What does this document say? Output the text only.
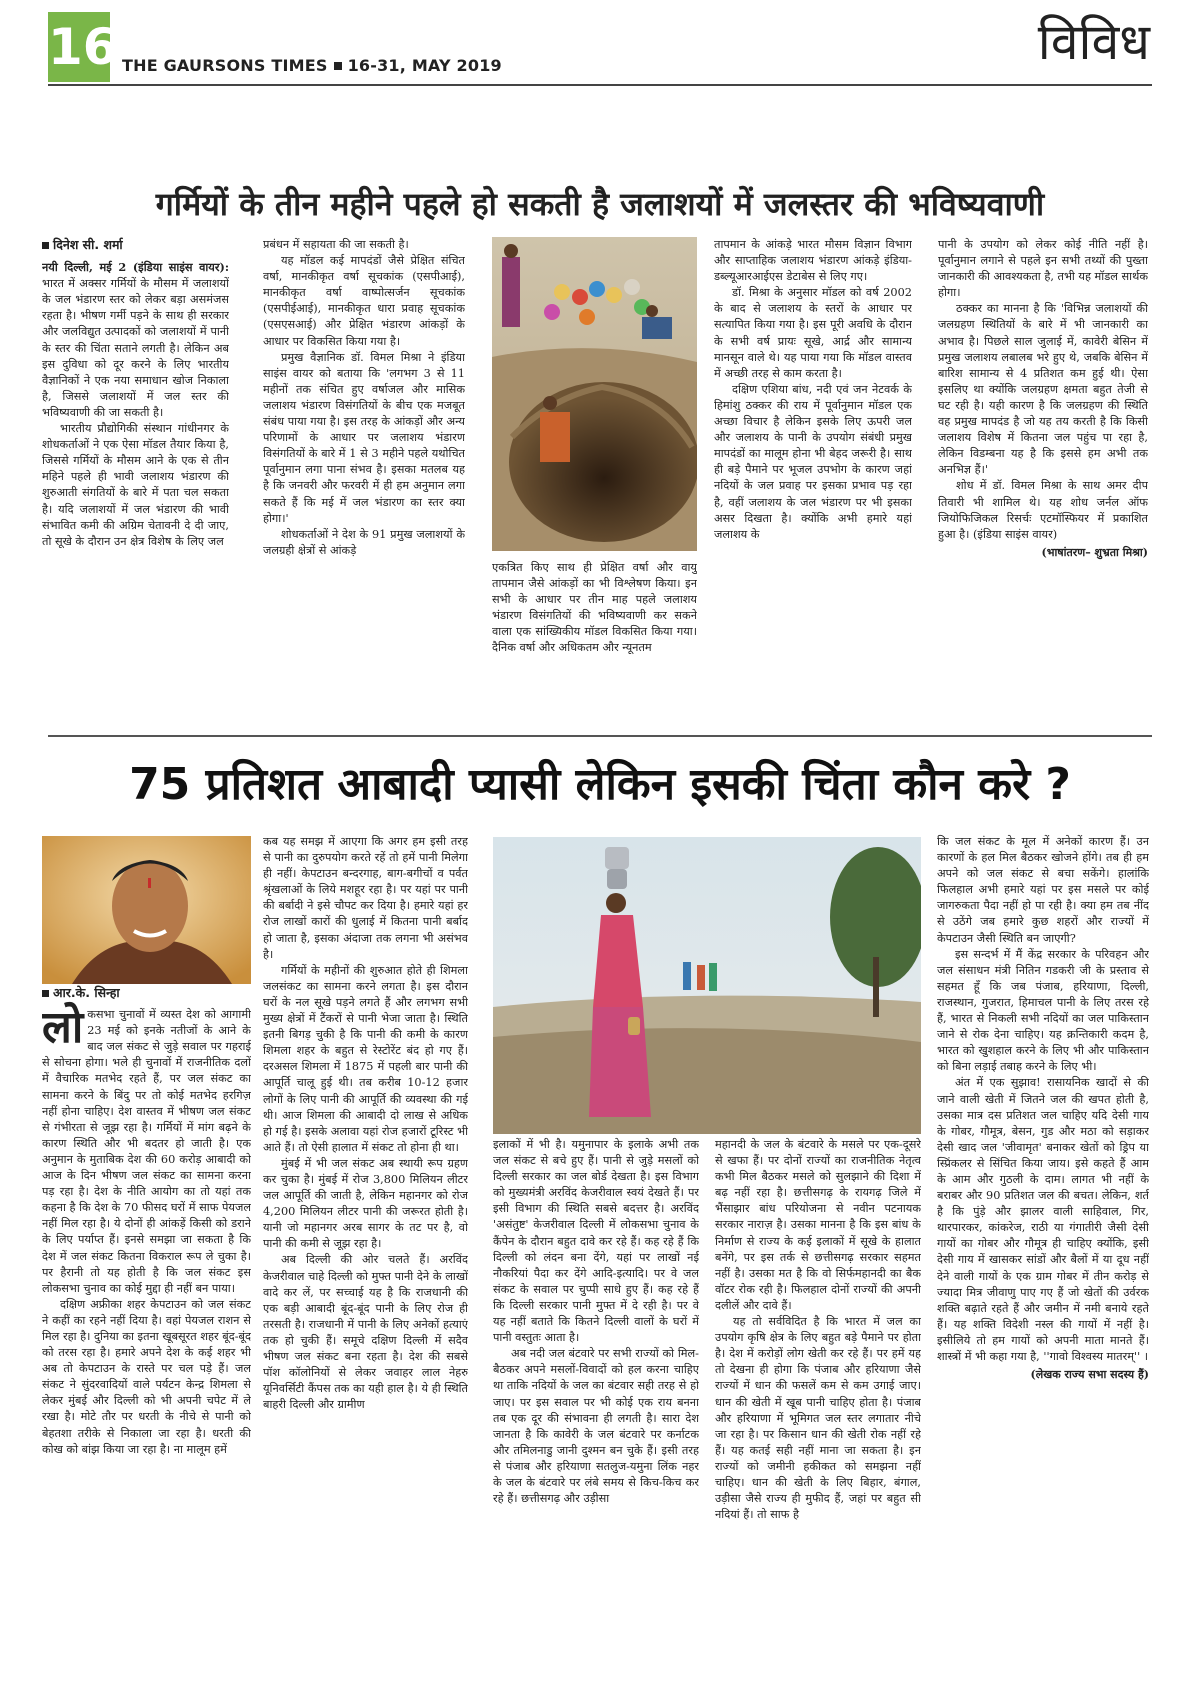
16 THE GAURSONS TIMES 16-31, MAY 2019	विविध
गर्मियों के तीन महीने पहले हो सकती है जलाशयों में जलस्तर की भविष्यवाणी
दिनेश सी. शर्मा

नयी दिल्ली, मई 2 (इंडिया साइंस वायर): भारत में अक्सर गर्मियों के मौसम में जलाशयों के जल भंडारण स्तर को लेकर बड़ा असमंजस रहता है। भीषण गर्मी पड़ने के साथ ही सरकार और जलविद्युत उत्पादकों को जलाशयों में पानी के स्तर की चिंता सताने लगती है। लेकिन अब इस दुविधा को दूर करने के लिए भारतीय वैज्ञानिकों ने एक नया समाधान खोज निकाला है, जिससे जलाशयों में जल स्तर की भविष्यवाणी की जा सकती है।

भारतीय प्रौद्योगिकी संस्थान गांधीनगर के शोधकर्ताओं ने एक ऐसा मॉडल तैयार किया है, जिससे गर्मियों के मौसम आने के एक से तीन महिने पहले ही भावी जलाशय भंडारण की शुरुआती संगतियों के बारे में पता चल सकता है। यदि जलाशयों में जल भंडारण की भावी संभावित कमी की अग्रिम चेतावनी दे दी जाए, तो सूखे के दौरान उन क्षेत्र विशेष के लिए जल

प्रबंधन में सहायता की जा सकती है।

यह मॉडल कई मापदंडों जैसे प्रेक्षित संचित वर्षा, मानकीकृत वर्षा सूचकांक (एसपीआई), मानकीकृत वर्षा वाष्पोत्सर्जन सूचकांक (एसपीईआई), मानकीकृत धारा प्रवाह सूचकांक (एसएसआई) और प्रेक्षित भंडारण आंकड़ों के आधार पर विकसित किया गया है।

प्रमुख वैज्ञानिक डॉ. विमल मिश्रा ने इंडिया साइंस वायर को बताया कि 'लगभग 3 से 11 महीनों तक संचित हुए वर्षाजल और मासिक जलाशय भंडारण विसंगतियों के बीच एक मजबूत संबंध पाया गया है। इस तरह के आंकड़ों और अन्य परिणामों के आधार पर जलाशय भंडारण विसंगतियों के बारे में 1 से 3 महीने पहले यथोचित पूर्वानुमान लगा पाना संभव है। इसका मतलब यह है कि जनवरी और फरवरी में ही हम अनुमान लगा सकते हैं कि मई में जल भंडारण का स्तर क्या होगा।'

शोधकर्ताओं ने देश के 91 प्रमुख जलाशयों के जलग्रही क्षेत्रों से आंकड़े

एकत्रित किए साथ ही प्रेक्षित वर्षा और वायु तापमान जैसे आंकड़ों का भी विश्लेषण किया। इन सभी के आधार पर तीन माह पहले जलाशय भंडारण विसंगतियों की भविष्यवाणी कर सकने वाला एक सांख्यिकीय मॉडल विकसित किया गया। दैनिक वर्षा और अधिकतम और न्यूनतम

तापमान के आंकड़े भारत मौसम विज्ञान विभाग और साप्ताहिक जलाशय भंडारण आंकड़े इंडिया-डब्ल्यूआरआईएस डेटाबेस से लिए गए।

डॉ. मिश्रा के अनुसार मॉडल को वर्ष 2002 के बाद से जलाशय के स्तरों के आधार पर सत्यापित किया गया है। इस पूरी अवधि के दौरान के सभी वर्ष प्रायः सूखे, आर्द्र और सामान्य मानसून वाले थे। यह पाया गया कि मॉडल वास्तव में अच्छी तरह से काम करता है।

दक्षिण एशिया बांध, नदी एवं जन नेटवर्क के हिमांशु ठक्कर की राय में पूर्वानुमान मॉडल एक अच्छा विचार है लेकिन इसके लिए ऊपरी जल और जलाशय के पानी के उपयोग संबंधी प्रमुख मापदंडों का मालूम होना भी बेहद जरूरी है। साथ ही बड़े पैमाने पर भूजल उपभोग के कारण जहां नदियों के जल प्रवाह पर इसका प्रभाव पड़ रहा है, वहीं जलाशय के जल भंडारण पर भी इसका असर दिखता है। क्योंकि अभी हमारे यहां जलाशय के

पानी के उपयोग को लेकर कोई नीति नहीं है। पूर्वानुमान लगाने से पहले इन सभी तथ्यों की पुख्ता जानकारी की आवश्यकता है, तभी यह मॉडल सार्थक होगा।

ठक्कर का मानना है कि 'विभिन्न जलाशयों की जलग्रहण स्थितियों के बारे में भी जानकारी का अभाव है। पिछले साल जुलाई में, कावेरी बेसिन में प्रमुख जलाशय लबालब भरे हुए थे, जबकि बेसिन में बारिश सामान्य से 4 प्रतिशत कम हुई थी। ऐसा इसलिए था क्योंकि जलग्रहण क्षमता बहुत तेजी से घट रही है। यही कारण है कि जलग्रहण की स्थिति वह प्रमुख मापदंड है जो यह तय करती है कि किसी जलाशय विशेष में कितना जल पहुंच पा रहा है, लेकिन विडम्बना यह है कि इससे हम अभी तक अनभिज्ञ हैं।'

शोध में डॉ. विमल मिश्रा के साथ अमर दीप तिवारी भी शामिल थे। यह शोध जर्नल ऑफ जियोफिजिकल रिसर्चः एटमॉस्फियर में प्रकाशित हुआ है। (इंडिया साइंस वायर)

(भाषांतरण– शुभ्रता मिश्रा)
75 प्रतिशत आबादी प्यासी लेकिन इसकी चिंता कौन करे ?
आर.के. सिन्हा

लोकसभा चुनावों में व्यस्त देश को आगामी 23 मई को इनके नतीजों के आने के बाद जल संकट से जुड़े सवाल पर गहराई से सोचना होगा। भले ही चुनावों में राजनीतिक दलों में वैचारिक मतभेद रहते हैं, पर जल संकट का सामना करने के बिंदु पर तो कोई मतभेद हरगिज़ नहीं होना चाहिए। देश वास्तव में भीषण जल संकट से गंभीरता से जूझ रहा है। गर्मियों में मांग बढ़ने के कारण स्थिति और भी बदतर हो जाती है। एक अनुमान के मुताबिक देश की 60 करोड़ आबादी को आज के दिन भीषण जल संकट का सामना करना पड़ रहा है। देश के नीति आयोग का तो यहां तक कहना है कि देश के 70 फीसद घरों में साफ पेयजल नहीं मिल रहा है। ये दोनों ही आंकड़ें किसी को डराने के लिए पर्याप्त हैं। इनसे समझा जा सकता है कि देश में जल संकट कितना विकराल रूप ले चुका है। पर हैरानी तो यह होती है कि जल संकट इस लोकसभा चुनाव का कोई मुद्दा ही नहीं बन पाया।

दक्षिण अफ्रीका शहर केपटाउन को जल संकट ने कहीं का रहने नहीं दिया है। वहां पेयजल राशन से मिल रहा है। दुनिया का इतना खूबसूरत शहर बूंद-बूंद को तरस रहा है। हमारे अपने देश के कई शहर भी अब तो केपटाउन के रास्ते पर चल पड़े हैं। जल संकट ने सुंदरवादियों वाले पर्यटन केन्द्र शिमला से लेकर मुंबई और दिल्ली को भी अपनी चपेट में ले रखा है। मोटे तौर पर धरती के नीचे से पानी को बेहतशा तरीके से निकाला जा रहा है। धरती की कोख को बांझ किया जा रहा है। ना मालूम हमें

कब यह समझ में आएगा कि अगर हम इसी तरह से पानी का दुरुपयोग करते रहें तो हमें पानी मिलेगा ही नहीं। केपटाउन बन्दरगाह, बाग-बगीचों व पर्वत श्रृंखलाओं के लिये मशहूर रहा है। पर यहां पर पानी की बर्बादी ने इसे चौपट कर दिया है। हमारे यहां हर रोज लाखों कारों की धुलाई में कितना पानी बर्बाद हो जाता है, इसका अंदाजा तक लगना भी असंभव है।

गर्मियों के महीनों की शुरुआत होते ही शिमला जलसंकट का सामना करने लगता है। इस दौरान घरों के नल सूखे पड़ने लगते हैं और लगभग सभी मुख्य क्षेत्रों में टैंकरों से पानी भेजा जाता है। स्थिति इतनी बिगड़ चुकी है कि पानी की कमी के कारण शिमला शहर के बहुत से रेस्टोरेंट बंद हो गए हैं। दरअसल शिमला में 1875 में पहली बार पानी की आपूर्ति चालू हुई थी। तब करीब 10-12 हजार लोगों के लिए पानी की आपूर्ति की व्यवस्था की गई थी। आज शिमला की आबादी दो लाख से अधिक हो गई है। इसके अलावा यहां रोज हजारों टूरिस्ट भी आते हैं। तो ऐसी हालात में संकट तो होना ही था।

मुंबई में भी जल संकट अब स्थायी रूप ग्रहण कर चुका है। मुंबई में रोज 3,800 मिलियन लीटर जल आपूर्ति की जाती है, लेकिन महानगर को रोज 4,200 मिलियन लीटर पानी की जरूरत होती है। यानी जो महानगर अरब सागर के तट पर है, वो पानी की कमी से जूझ रहा है।

अब दिल्ली की ओर चलते हैं। अरविंद केजरीवाल चाहे दिल्ली को मुफ्त पानी देने के लाखों वादे कर लें, पर सच्चाई यह है कि राजधानी की एक बड़ी आबादी बूंद-बूंद पानी के लिए रोज ही तरसती है। राजधानी में पानी के लिए अनेकों हत्याएं तक हो चुकी हैं। समूचे दक्षिण दिल्ली में सदैव भीषण जल संकट बना रहता है। देश की सबसे पॉश कॉलोनियों से लेकर जवाहर लाल नेहरु यूनिवर्सिटी कैंपस तक का यही हाल है। ये ही स्थिति बाहरी दिल्ली और ग्रामीण

इलाकों में भी है। यमुनापार के इलाके अभी तक जल संकट से बचे हुए हैं। पानी से जुड़े मसलों को दिल्ली सरकार का जल बोर्ड देखता है। इस विभाग को मुख्यमंत्री अरविंद केजरीवाल स्वयं देखते हैं। पर इसी विभाग की स्थिति सबसे बदत्तर है। अरविंद 'असंतुष्ट' केजरीवाल दिल्ली में लोकसभा चुनाव के कैंपेन के दौरान बहुत दावे कर रहे हैं। कह रहे हैं कि दिल्ली को लंदन बना देंगे, यहां पर लाखों नई नौकरियां पैदा कर देंगे आदि-इत्यादि। पर वे जल संकट के सवाल पर चुप्पी साधे हुए हैं। कह रहे हैं कि दिल्ली सरकार पानी मुफ्त में दे रही है। पर वे यह नहीं बताते कि कितने दिल्ली वालों के घरों में पानी वस्तुतः आता है।

अब नदी जल बंटवारे पर सभी राज्यों को मिल-बैठकर अपने मसलों-विवादों को हल करना चाहिए था ताकि नदियों के जल का बंटवार सही तरह से हो जाए। पर इस सवाल पर भी कोई एक राय बनना तब एक दूर की संभावना ही लगती है। सारा देश जानता है कि कावेरी के जल बंटवारे पर कर्नाटक और तमिलनाडु जानी दुश्मन बन चुके हैं। इसी तरह से पंजाब और हरियाणा सतलुज-यमुना लिंक नहर के जल के बंटवारे पर लंबे समय से किच-किच कर रहे हैं। छत्तीसगढ़ और उड़ीसा

महानदी के जल के बंटवारे के मसले पर एक-दूसरे से खफा हैं। पर दोनों राज्यों का राजनीतिक नेतृत्व कभी मिल बैठकर मसले को सुलझाने की दिशा में बढ़ नहीं रहा है। छत्तीसगढ़ के रायगढ़ जिले में भैंसाझार बांध परियोजना से नवीन पटनायक सरकार नाराज़ है। उसका मानना है कि इस बांध के निर्माण से राज्य के कई इलाकों में सूखे के हालात बनेंगे, पर इस तर्क से छत्तीसगढ़ सरकार सहमत नहीं है। उसका मत है कि वो सिर्फमहानदी का बैक वॉटर रोक रही है। फिलहाल दोनों राज्यों की अपनी दलीलें और दावे हैं।

यह तो सर्वविदित है कि भारत में जल का उपयोग कृषि क्षेत्र के लिए बहुत बड़े पैमाने पर होता है। देश में करोड़ों लोग खेती कर रहे हैं। पर हमें यह तो देखना ही होगा कि पंजाब और हरियाणा जैसे राज्यों में धान की फसलें कम से कम उगाई जाए। धान की खेती में खूब पानी चाहिए होता है। पंजाब और हरियाणा में भूमिगत जल स्तर लगातार नीचे जा रहा है। पर किसान धान की खेती रोक नहीं रहे हैं। यह कतई सही नहीं माना जा सकता है। इन राज्यों को जमीनी हकीकत को समझना नहीं चाहिए। धान की खेती के लिए बिहार, बंगाल, उड़ीसा जैसे राज्य ही मुफीद हैं, जहां पर बहुत सी नदियां हैं। तो साफ है

कि जल संकट के मूल में अनेकों कारण हैं। उन कारणों के हल मिल बैठकर खोजने होंगे। तब ही हम अपने को जल संकट से बचा सकेंगे। हालांकि फिलहाल अभी हमारे यहां पर इस मसले पर कोई जागरुकता पैदा नहीं हो पा रही है। क्या हम तब नींद से उठेंगे जब हमारे कुछ शहरों और राज्यों में केपटाउन जैसी स्थिति बन जाएगी?

इस सन्दर्भ में मैं केंद्र सरकार के परिवहन और जल संसाधन मंत्री नितिन गडकरी जी के प्रस्ताव से सहमत हूँ कि जब पंजाब, हरियाणा, दिल्ली, राजस्थान, गुजरात, हिमाचल पानी के लिए तरस रहे हैं, भारत से निकली सभी नदियों का जल पाकिस्तान जाने से रोक देना चाहिए। यह क्रन्तिकारी कदम है, भारत को खुशहाल करने के लिए भी और पाकिस्तान को बिना लड़ाई तबाह करने के लिए भी।

अंत में एक सुझाव! रासायनिक खादों से की जाने वाली खेती में जितने जल की खपत होती है, उसका मात्र दस प्रतिशत जल चाहिए यदि देसी गाय के गोबर, गौमूत्र, बेसन, गुड और मठा को सड़ाकर देसी खाद जल 'जीवामृत' बनाकर खेतों को ड्रिप या स्प्रिंकलर से सिंचित किया जाय। इसे कहते हैं आम के आम और गुठली के दाम। लागत भी नहीं के बराबर और 90 प्रतिशत जल की बचत। लेकिन, शर्त है कि पुंड़े और झालर वाली साहिवाल, गिर, थारपारकर, कांकरेज, राठी या गंगातीरी जैसी देसी गायों का गोबर और गौमूत्र ही चाहिए क्योंकि, इसी देसी गाय में खासकर सांडों और बैलों में या दूध नहीं देने वाली गायों के एक ग्राम गोबर में तीन करोड़ से ज्यादा मित्र जीवाणु पाए गए हैं जो खेतों की उर्वरक शक्ति बढ़ाते रहते हैं और जमीन में नमी बनाये रहते हैं। यह शक्ति विदेशी नस्ल की गायों में नहीं है। इसीलिये तो हम गायों को अपनी माता मानते हैं। शास्त्रों में भी कहा गया है, ''गावो विश्वस्य मातरम्'' ।

(लेखक राज्य सभा सदस्य हैं)
